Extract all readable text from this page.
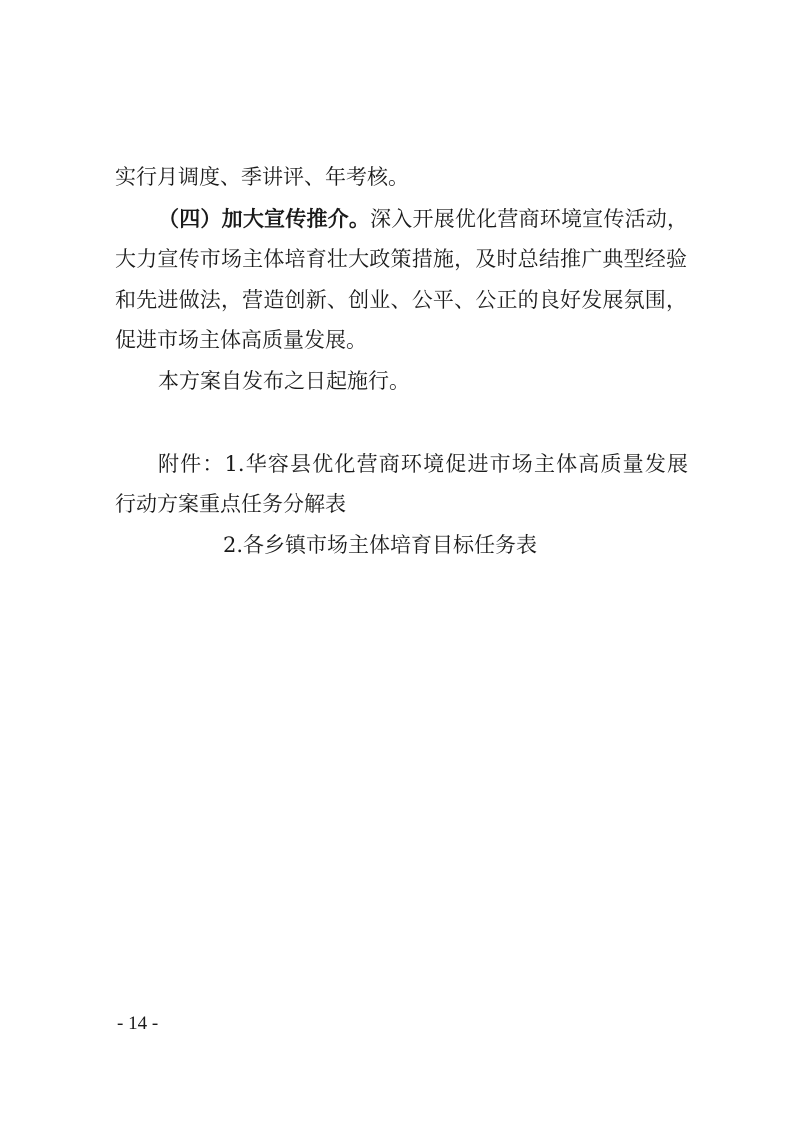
实行月调度、季讲评、年考核。

（四）加大宣传推介。深入开展优化营商环境宣传活动，

大力宣传市场主体培育壮大政策措施，及时总结推广典型经验

和先进做法，营造创新、创业、公平、公正的良好发展氛围，

促进市场主体高质量发展。

本方案自发布之日起施行。

附件：1.华容县优化营商环境促进市场主体高质量发展

行动方案重点任务分解表

2.各乡镇市场主体培育目标任务表

- 14 -
